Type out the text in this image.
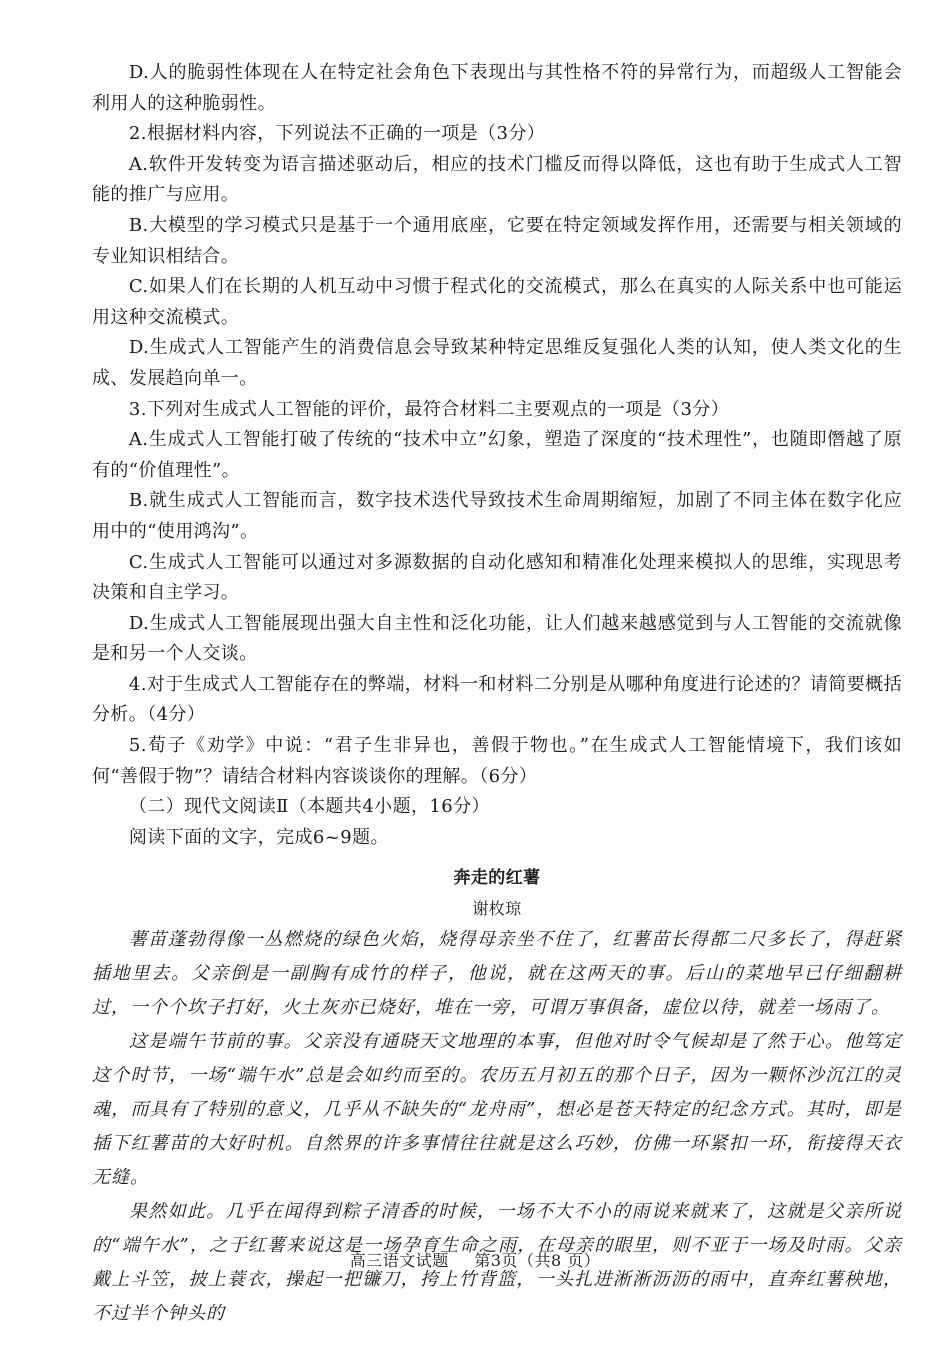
D.人的脆弱性体现在人在特定社会角色下表现出与其性格不符的异常行为，而超级人工智能会利用人的这种脆弱性。

2.根据材料内容，下列说法不正确的一项是（3分）

A.软件开发转变为语言描述驱动后，相应的技术门槛反而得以降低，这也有助于生成式人工智能的推广与应用。

B.大模型的学习模式只是基于一个通用底座，它要在特定领域发挥作用，还需要与相关领域的专业知识相结合。

C.如果人们在长期的人机互动中习惯于程式化的交流模式，那么在真实的人际关系中也可能运用这种交流模式。

D.生成式人工智能产生的消费信息会导致某种特定思维反复强化人类的认知，使人类文化的生成、发展趋向单一。

3.下列对生成式人工智能的评价，最符合材料二主要观点的一项是（3分）

A.生成式人工智能打破了传统的“技术中立”幻象，塑造了深度的“技术理性”，也随即僭越了原有的“价值理性”。

B.就生成式人工智能而言，数字技术迭代导致技术生命周期缩短，加剧了不同主体在数字化应用中的“使用鸿沟”。

C.生成式人工智能可以通过对多源数据的自动化感知和精准化处理来模拟人的思维，实现思考决策和自主学习。

D.生成式人工智能展现出强大自主性和泛化功能，让人们越来越感觉到与人工智能的交流就像是和另一个人交谈。

4.对于生成式人工智能存在的弊端，材料一和材料二分别是从哪种角度进行论述的？请简要概括分析。（4分）

5.荀子《劝学》中说：“君子生非异也，善假于物也。”在生成式人工智能情境下，我们该如何“善假于物”？请结合材料内容谈谈你的理解。（6分）

（二）现代文阅读Ⅱ（本题共4小题，16分）

阅读下面的文字，完成6~9题。

奔走的红薯

谢枚琼

薯苗蓬勃得像一丛燃烧的绿色火焰，烧得母亲坐不住了，红薯苗长得都二尺多长了，得赶紧插地里去。父亲倒是一副胸有成竹的样子，他说，就在这两天的事。后山的菜地早已仔细翻耕过，一个个坎子打好，火土灰亦已烧好，堆在一旁，可谓万事俱备，虚位以待，就差一场雨了。

这是端午节前的事。父亲没有通晓天文地理的本事，但他对时令气候却是了然于心。他笃定这个时节，一场“端午水”总是会如约而至的。农历五月初五的那个日子，因为一颗怀沙沉江的灵魂，而具有了特别的意义，几乎从不缺失的“龙舟雨”，想必是苍天特定的纪念方式。其时，即是插下红薯苗的大好时机。自然界的许多事情往往就是这么巧妙，仿佛一环紧扣一环，衔接得天衣无缝。

果然如此。几乎在闻得到粽子清香的时候，一场不大不小的雨说来就来了，这就是父亲所说的“端午水”，之于红薯来说这是一场孕育生命之雨，在母亲的眼里，则不亚于一场及时雨。父亲戴上斗笠，披上蓑衣，操起一把镰刀，挎上竹背篮，一头扎进淅淅沥沥的雨中，直奔红薯秧地，不过半个钟头的

高三语文试题 第3页（共8 页）
